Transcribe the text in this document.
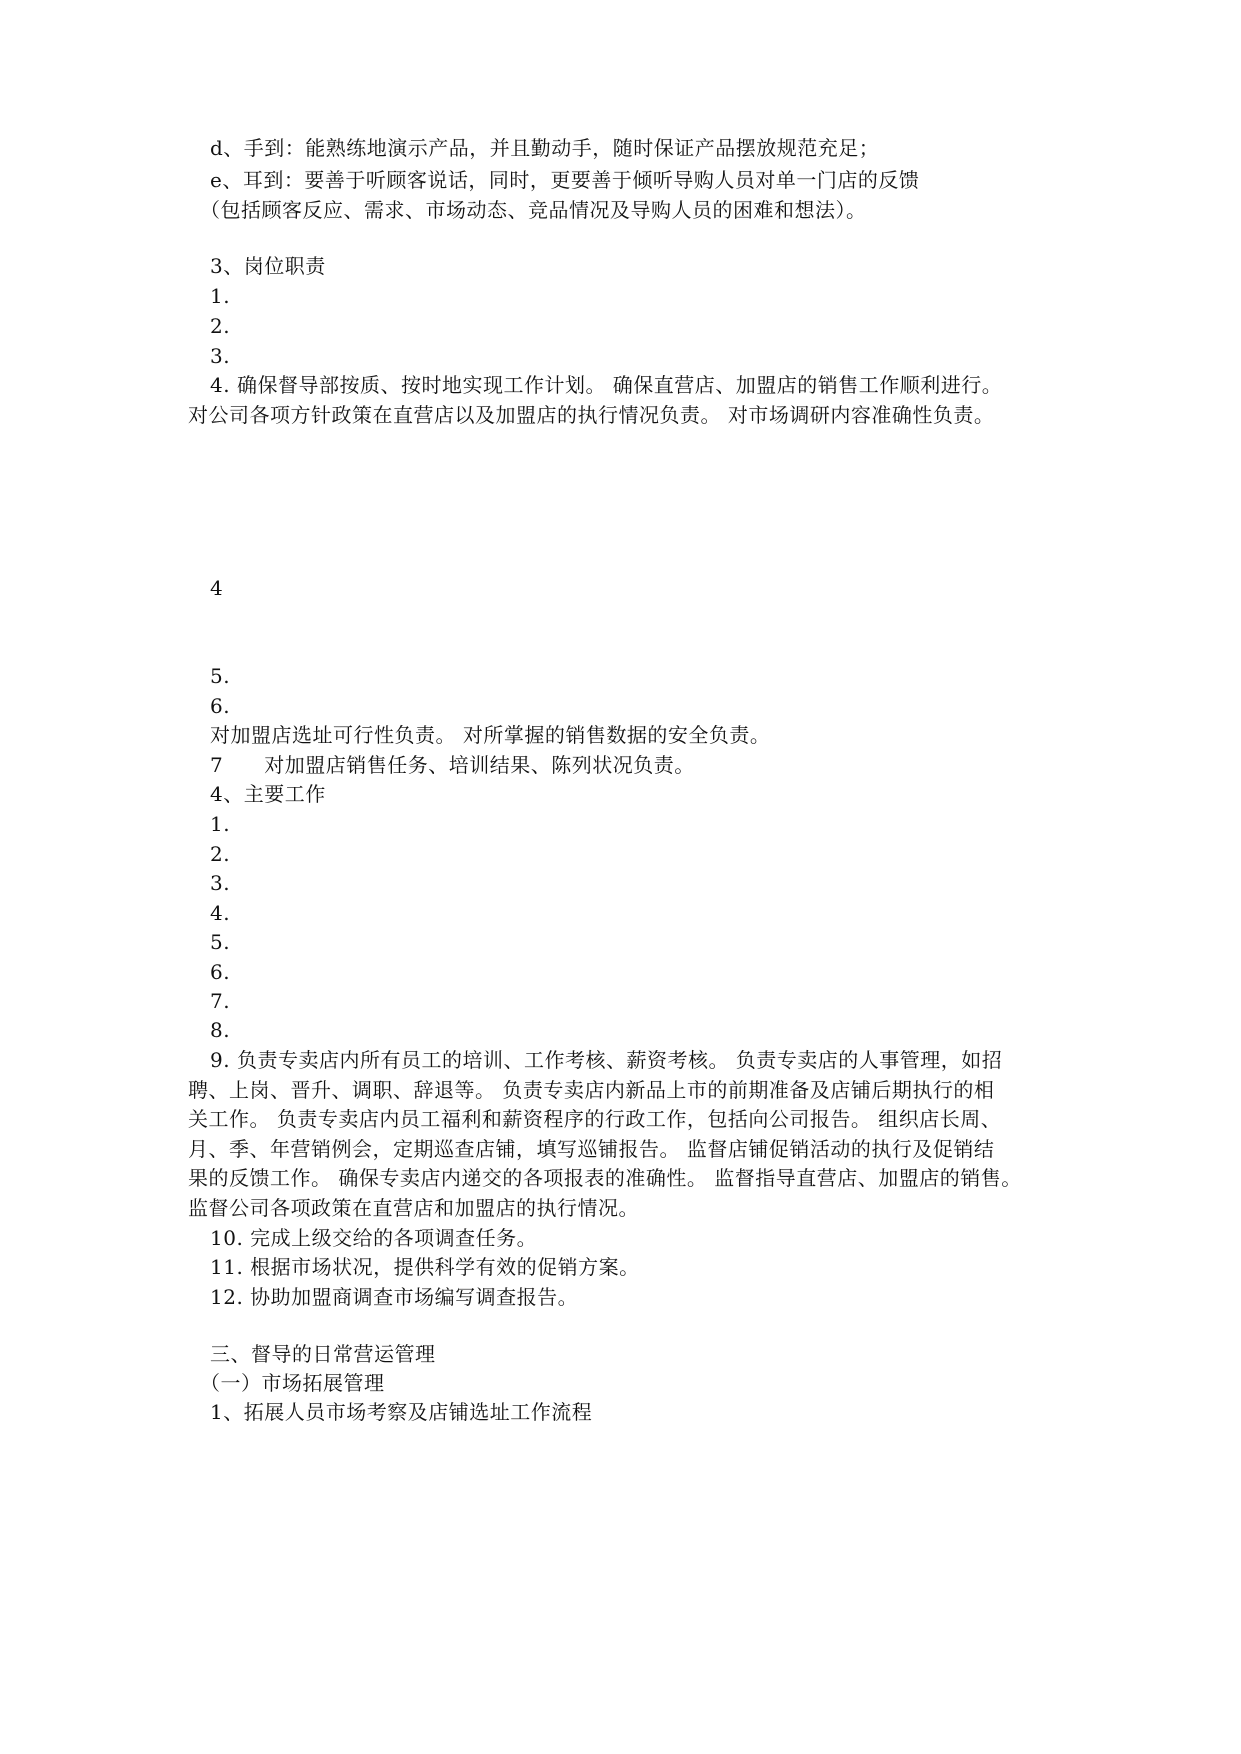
d、手到：能熟练地演示产品，并且勤动手，随时保证产品摆放规范充足；
e、耳到：要善于听顾客说话，同时，更要善于倾听导购人员对单一门店的反馈
（包括顾客反应、需求、市场动态、竞品情况及导购人员的困难和想法）。
3、岗位职责
1.
2.
3.
4. 确保督导部按质、按时地实现工作计划。 确保直营店、加盟店的销售工作顺利进行。
对公司各项方针政策在直营店以及加盟店的执行情况负责。 对市场调研内容准确性负责。
4
5.
6.
对加盟店选址可行性负责。 对所掌握的销售数据的安全负责。
7　　对加盟店销售任务、培训结果、陈列状况负责。
4、主要工作
1.
2.
3.
4.
5.
6.
7.
8.
9. 负责专卖店内所有员工的培训、工作考核、薪资考核。 负责专卖店的人事管理，如招
聘、上岗、晋升、调职、辞退等。 负责专卖店内新品上市的前期准备及店铺后期执行的相
关工作。 负责专卖店内员工福利和薪资程序的行政工作，包括向公司报告。 组织店长周、
月、季、年营销例会，定期巡查店铺，填写巡铺报告。 监督店铺促销活动的执行及促销结
果的反馈工作。 确保专卖店内递交的各项报表的准确性。 监督指导直营店、加盟店的销售。
监督公司各项政策在直营店和加盟店的执行情况。
10. 完成上级交给的各项调查任务。
11. 根据市场状况，提供科学有效的促销方案。
12. 协助加盟商调查市场编写调查报告。
三、督导的日常营运管理
（一）市场拓展管理
1、拓展人员市场考察及店铺选址工作流程
